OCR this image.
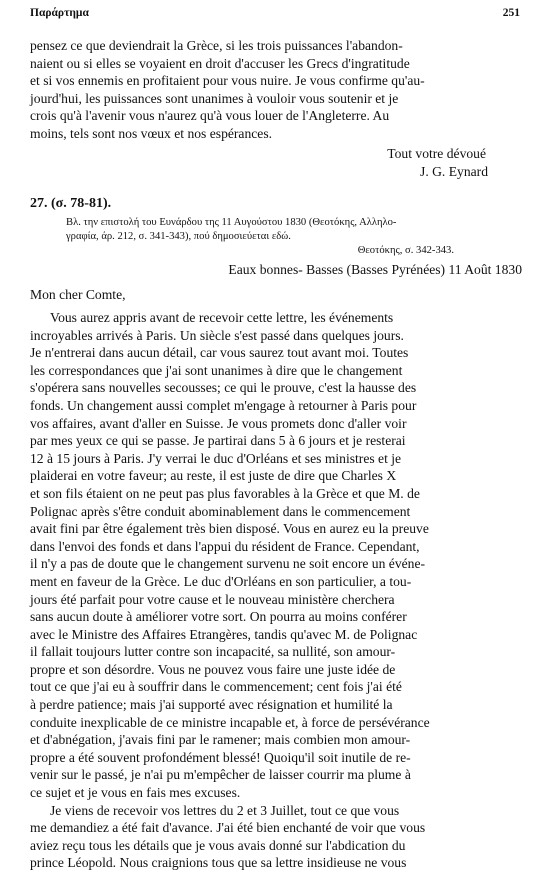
Παράρτημα	251
pensez ce que deviendrait la Grèce, si les trois puissances l'abandon-
naient ou si elles se voyaient en droit d'accuser les Grecs d'ingratitude
et si vos ennemis en profitaient pour vous nuire. Je vous confirme qu'au-
jourd'hui, les puissances sont unanimes à vouloir vous soutenir et je
crois qu'à l'avenir vous n'aurez qu'à vous louer de l'Angleterre. Au
moins, tels sont nos vœux et nos espérances.
Tout votre dévoué
J. G. Eynard
27. (σ. 78-81).
Βλ. την επιστολή του Ευνάρδου της 11 Αυγούστου 1830 (Θεοτόκης, Αλληλο-
γραφία, άρ. 212, σ. 341-343), πού δημοσιεύεται εδώ.
Θεοτόκης, σ. 342-343.
Eaux bonnes- Basses (Basses Pyrénées) 11 Août 1830
Mon cher Comte,
Vous aurez appris avant de recevoir cette lettre, les événements
incroyables arrivés à Paris. Un siècle s'est passé dans quelques jours.
Je n'entrerai dans aucun détail, car vous saurez tout avant moi. Toutes
les correspondances que j'ai sont unanimes à dire que le changement
s'opérera sans nouvelles secousses; ce qui le prouve, c'est la hausse des
fonds. Un changement aussi complet m'engage à retourner à Paris pour
vos affaires, avant d'aller en Suisse. Je vous promets donc d'aller voir
par mes yeux ce qui se passe. Je partirai dans 5 à 6 jours et je resterai
12 à 15 jours à Paris. J'y verrai le duc d'Orléans et ses ministres et je
plaiderai en votre faveur; au reste, il est juste de dire que Charles X
et son fils étaient on ne peut pas plus favorables à la Grèce et que M. de
Polignac après s'être conduit abominablement dans le commencement
avait fini par être également très bien disposé. Vous en aurez eu la preuve
dans l'envoi des fonds et dans l'appui du résident de France. Cependant,
il n'y a pas de doute que le changement survenu ne soit encore un événe-
ment en faveur de la Grèce. Le duc d'Orléans en son particulier, a tou-
jours été parfait pour votre cause et le nouveau ministère cherchera
sans aucun doute à améliorer votre sort. On pourra au moins conférer
avec le Ministre des Affaires Etrangères, tandis qu'avec M. de Polignac
il fallait toujours lutter contre son incapacité, sa nullité, son amour-
propre et son désordre. Vous ne pouvez vous faire une juste idée de
tout ce que j'ai eu à souffrir dans le commencement; cent fois j'ai été
à perdre patience; mais j'ai supporté avec résignation et humilité la
conduite inexplicable de ce ministre incapable et, à force de persévérance
et d'abnégation, j'avais fini par le ramener; mais combien mon amour-
propre a été souvent profondément blessé! Quoiqu'il soit inutile de re-
venir sur le passé, je n'ai pu m'empêcher de laisser courrir ma plume à
ce sujet et je vous en fais mes excuses.
Je viens de recevoir vos lettres du 2 et 3 Juillet, tout ce que vous
me demandiez a été fait d'avance. J'ai été bien enchanté de voir que vous
aviez reçu tous les détails que je vous avais donné sur l'abdication du
prince Léopold. Nous craignions tous que sa lettre insidieuse ne vous
